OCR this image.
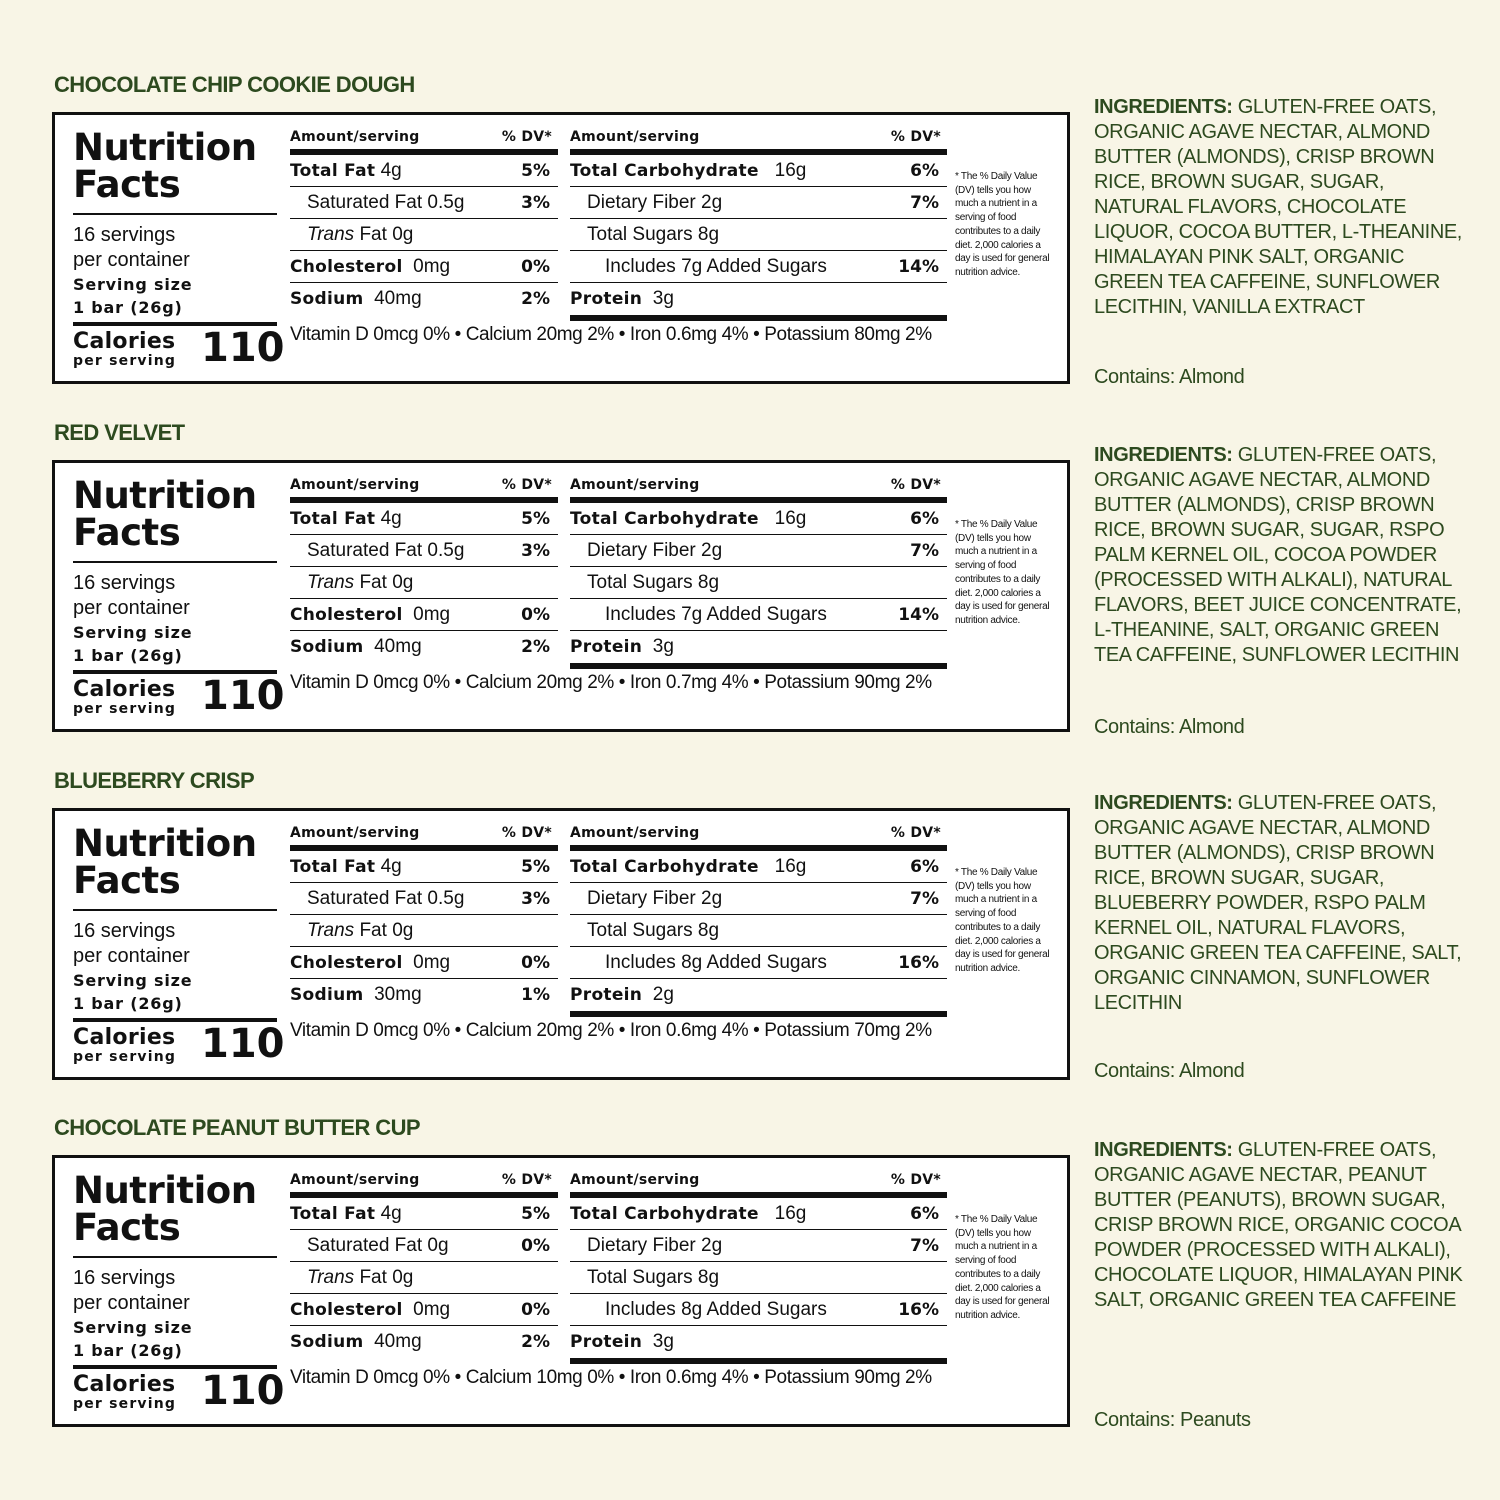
CHOCOLATE CHIP COOKIE DOUGH
Nutrition
Facts
16 servings
per container
Serving size
1 bar (26g)
Calories
per serving 110
Amount/serving	% DV*
Total Fat 4g	5%
Saturated Fat 0.5g	3%
Trans Fat 0g
Cholesterol 0mg	0%
Sodium 40mg	2%
Amount/serving	% DV*
Total Carbohydrate 16g	6%
Dietary Fiber 2g	7%
Total Sugars 8g
Includes 7g Added Sugars	14%
Protein 3g
Vitamin D 0mcg 0% • Calcium 20mg 2% • Iron 0.6mg 4% • Potassium 80mg 2%
* The % Daily Value (DV) tells you how much a nutrient in a serving of food contributes to a daily diet. 2,000 calories a day is used for general nutrition advice.
INGREDIENTS: GLUTEN-FREE OATS, ORGANIC AGAVE NECTAR, ALMOND BUTTER (ALMONDS), CRISP BROWN RICE, BROWN SUGAR, SUGAR, NATURAL FLAVORS, CHOCOLATE LIQUOR, COCOA BUTTER, L-THEANINE, HIMALAYAN PINK SALT, ORGANIC GREEN TEA CAFFEINE, SUNFLOWER LECITHIN, VANILLA EXTRACT
Contains: Almond
RED VELVET
Nutrition
Facts
16 servings
per container
Serving size
1 bar (26g)
Calories
per serving 110
Amount/serving	% DV*
Total Fat 4g	5%
Saturated Fat 0.5g	3%
Trans Fat 0g
Cholesterol 0mg	0%
Sodium 40mg	2%
Amount/serving	% DV*
Total Carbohydrate 16g	6%
Dietary Fiber 2g	7%
Total Sugars 8g
Includes 7g Added Sugars	14%
Protein 3g
Vitamin D 0mcg 0% • Calcium 20mg 2% • Iron 0.7mg 4% • Potassium 90mg 2%
* The % Daily Value (DV) tells you how much a nutrient in a serving of food contributes to a daily diet. 2,000 calories a day is used for general nutrition advice.
INGREDIENTS: GLUTEN-FREE OATS, ORGANIC AGAVE NECTAR, ALMOND BUTTER (ALMONDS), CRISP BROWN RICE, BROWN SUGAR, SUGAR, RSPO PALM KERNEL OIL, COCOA POWDER (PROCESSED WITH ALKALI), NATURAL FLAVORS, BEET JUICE CONCENTRATE, L-THEANINE, SALT, ORGANIC GREEN TEA CAFFEINE, SUNFLOWER LECITHIN
Contains: Almond
BLUEBERRY CRISP
Nutrition
Facts
16 servings
per container
Serving size
1 bar (26g)
Calories
per serving 110
Amount/serving	% DV*
Total Fat 4g	5%
Saturated Fat 0.5g	3%
Trans Fat 0g
Cholesterol 0mg	0%
Sodium 30mg	1%
Amount/serving	% DV*
Total Carbohydrate 16g	6%
Dietary Fiber 2g	7%
Total Sugars 8g
Includes 8g Added Sugars	16%
Protein 2g
Vitamin D 0mcg 0% • Calcium 20mg 2% • Iron 0.6mg 4% • Potassium 70mg 2%
* The % Daily Value (DV) tells you how much a nutrient in a serving of food contributes to a daily diet. 2,000 calories a day is used for general nutrition advice.
INGREDIENTS: GLUTEN-FREE OATS, ORGANIC AGAVE NECTAR, ALMOND BUTTER (ALMONDS), CRISP BROWN RICE, BROWN SUGAR, SUGAR, BLUEBERRY POWDER, RSPO PALM KERNEL OIL, NATURAL FLAVORS, ORGANIC GREEN TEA CAFFEINE, SALT, ORGANIC CINNAMON, SUNFLOWER LECITHIN
Contains: Almond
CHOCOLATE PEANUT BUTTER CUP
Nutrition
Facts
16 servings
per container
Serving size
1 bar (26g)
Calories
per serving 110
Amount/serving	% DV*
Total Fat 4g	5%
Saturated Fat 0g	0%
Trans Fat 0g
Cholesterol 0mg	0%
Sodium 40mg	2%
Amount/serving	% DV*
Total Carbohydrate 16g	6%
Dietary Fiber 2g	7%
Total Sugars 8g
Includes 8g Added Sugars	16%
Protein 3g
Vitamin D 0mcg 0% • Calcium 10mg 0% • Iron 0.6mg 4% • Potassium 90mg 2%
* The % Daily Value (DV) tells you how much a nutrient in a serving of food contributes to a daily diet. 2,000 calories a day is used for general nutrition advice.
INGREDIENTS: GLUTEN-FREE OATS, ORGANIC AGAVE NECTAR, PEANUT BUTTER (PEANUTS), BROWN SUGAR, CRISP BROWN RICE, ORGANIC COCOA POWDER (PROCESSED WITH ALKALI), CHOCOLATE LIQUOR, HIMALAYAN PINK SALT, ORGANIC GREEN TEA CAFFEINE
Contains: Peanuts
